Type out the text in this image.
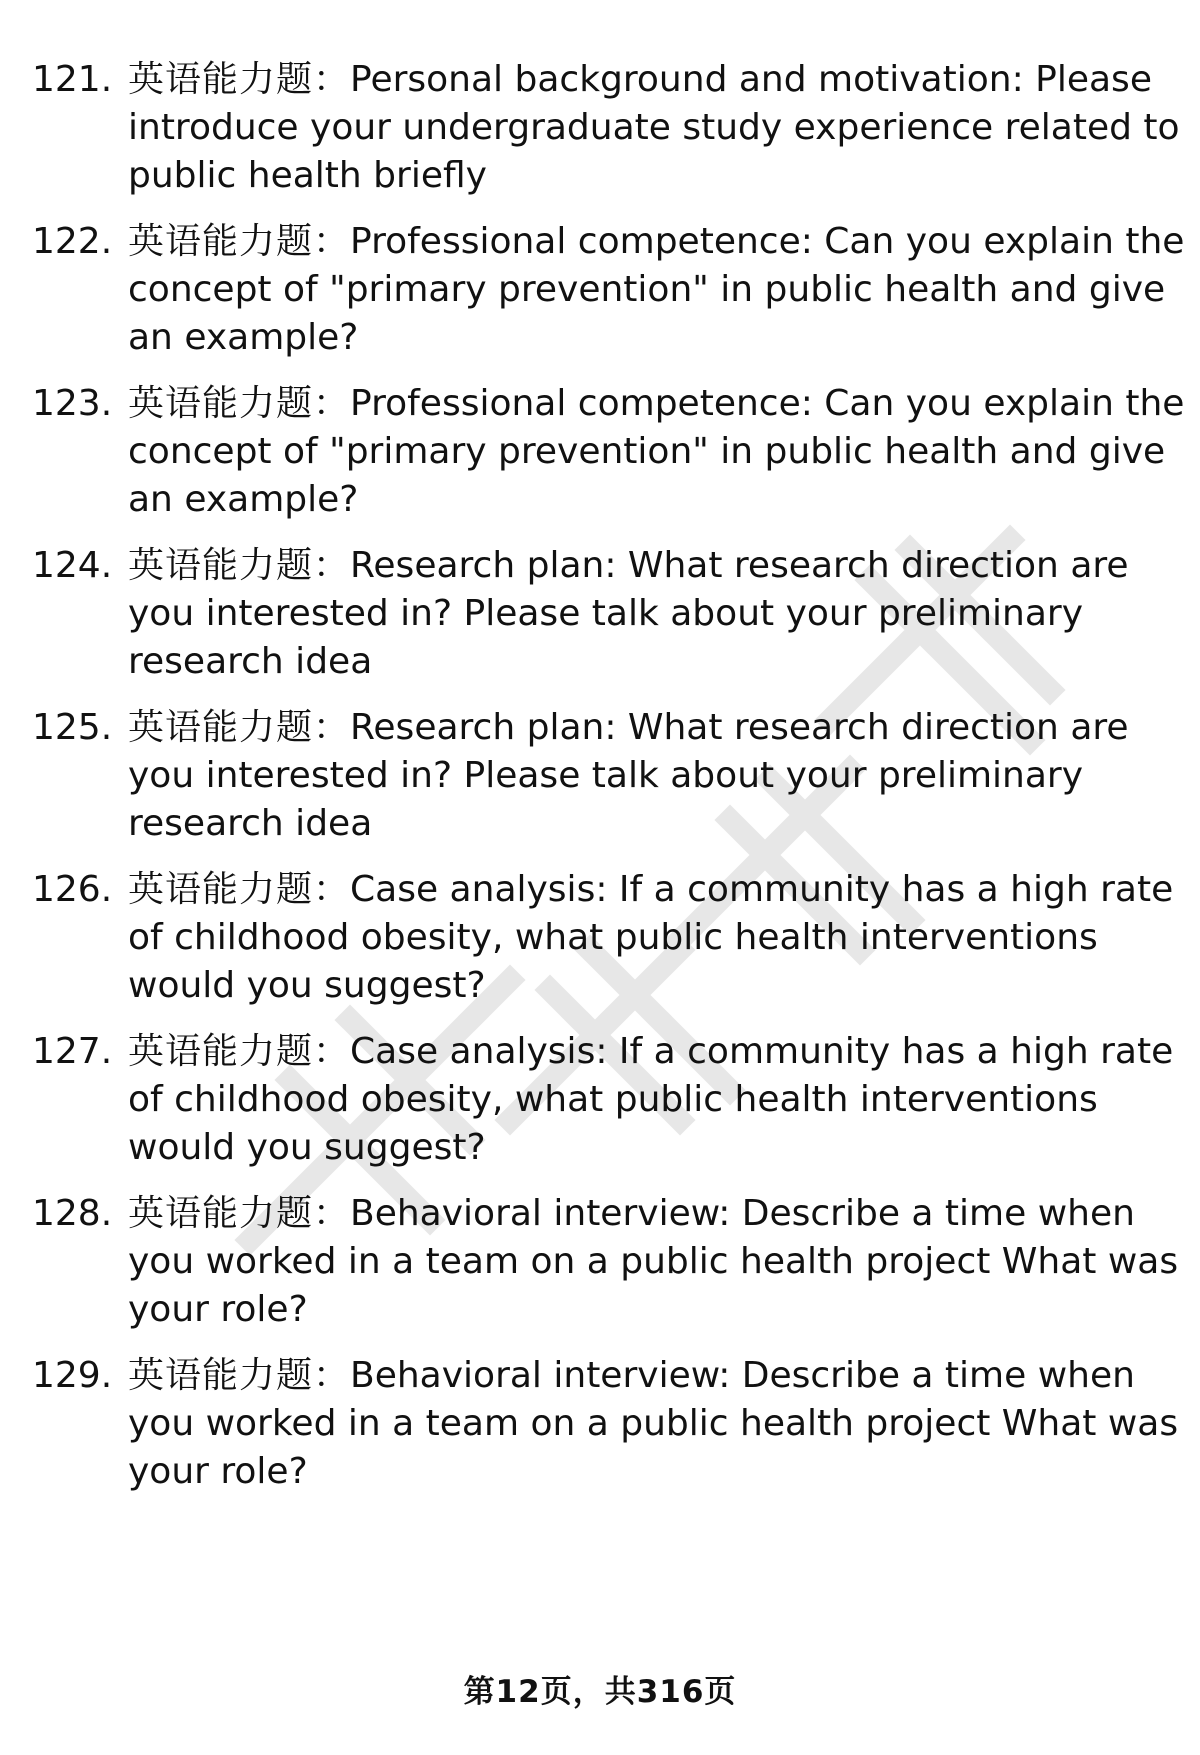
121. 英语能力题：Personal background and motivation: Please introduce your undergraduate study experience related to public health briefly
122. 英语能力题：Professional competence: Can you explain the concept of "primary prevention" in public health and give an example?
123. 英语能力题：Professional competence: Can you explain the concept of "primary prevention" in public health and give an example?
124. 英语能力题：Research plan: What research direction are you interested in? Please talk about your preliminary research idea
125. 英语能力题：Research plan: What research direction are you interested in? Please talk about your preliminary research idea
126. 英语能力题：Case analysis: If a community has a high rate of childhood obesity, what public health interventions would you suggest?
127. 英语能力题：Case analysis: If a community has a high rate of childhood obesity, what public health interventions would you suggest?
128. 英语能力题：Behavioral interview: Describe a time when you worked in a team on a public health project What was your role?
129. 英语能力题：Behavioral interview: Describe a time when you worked in a team on a public health project What was your role?
第12页，共316页
